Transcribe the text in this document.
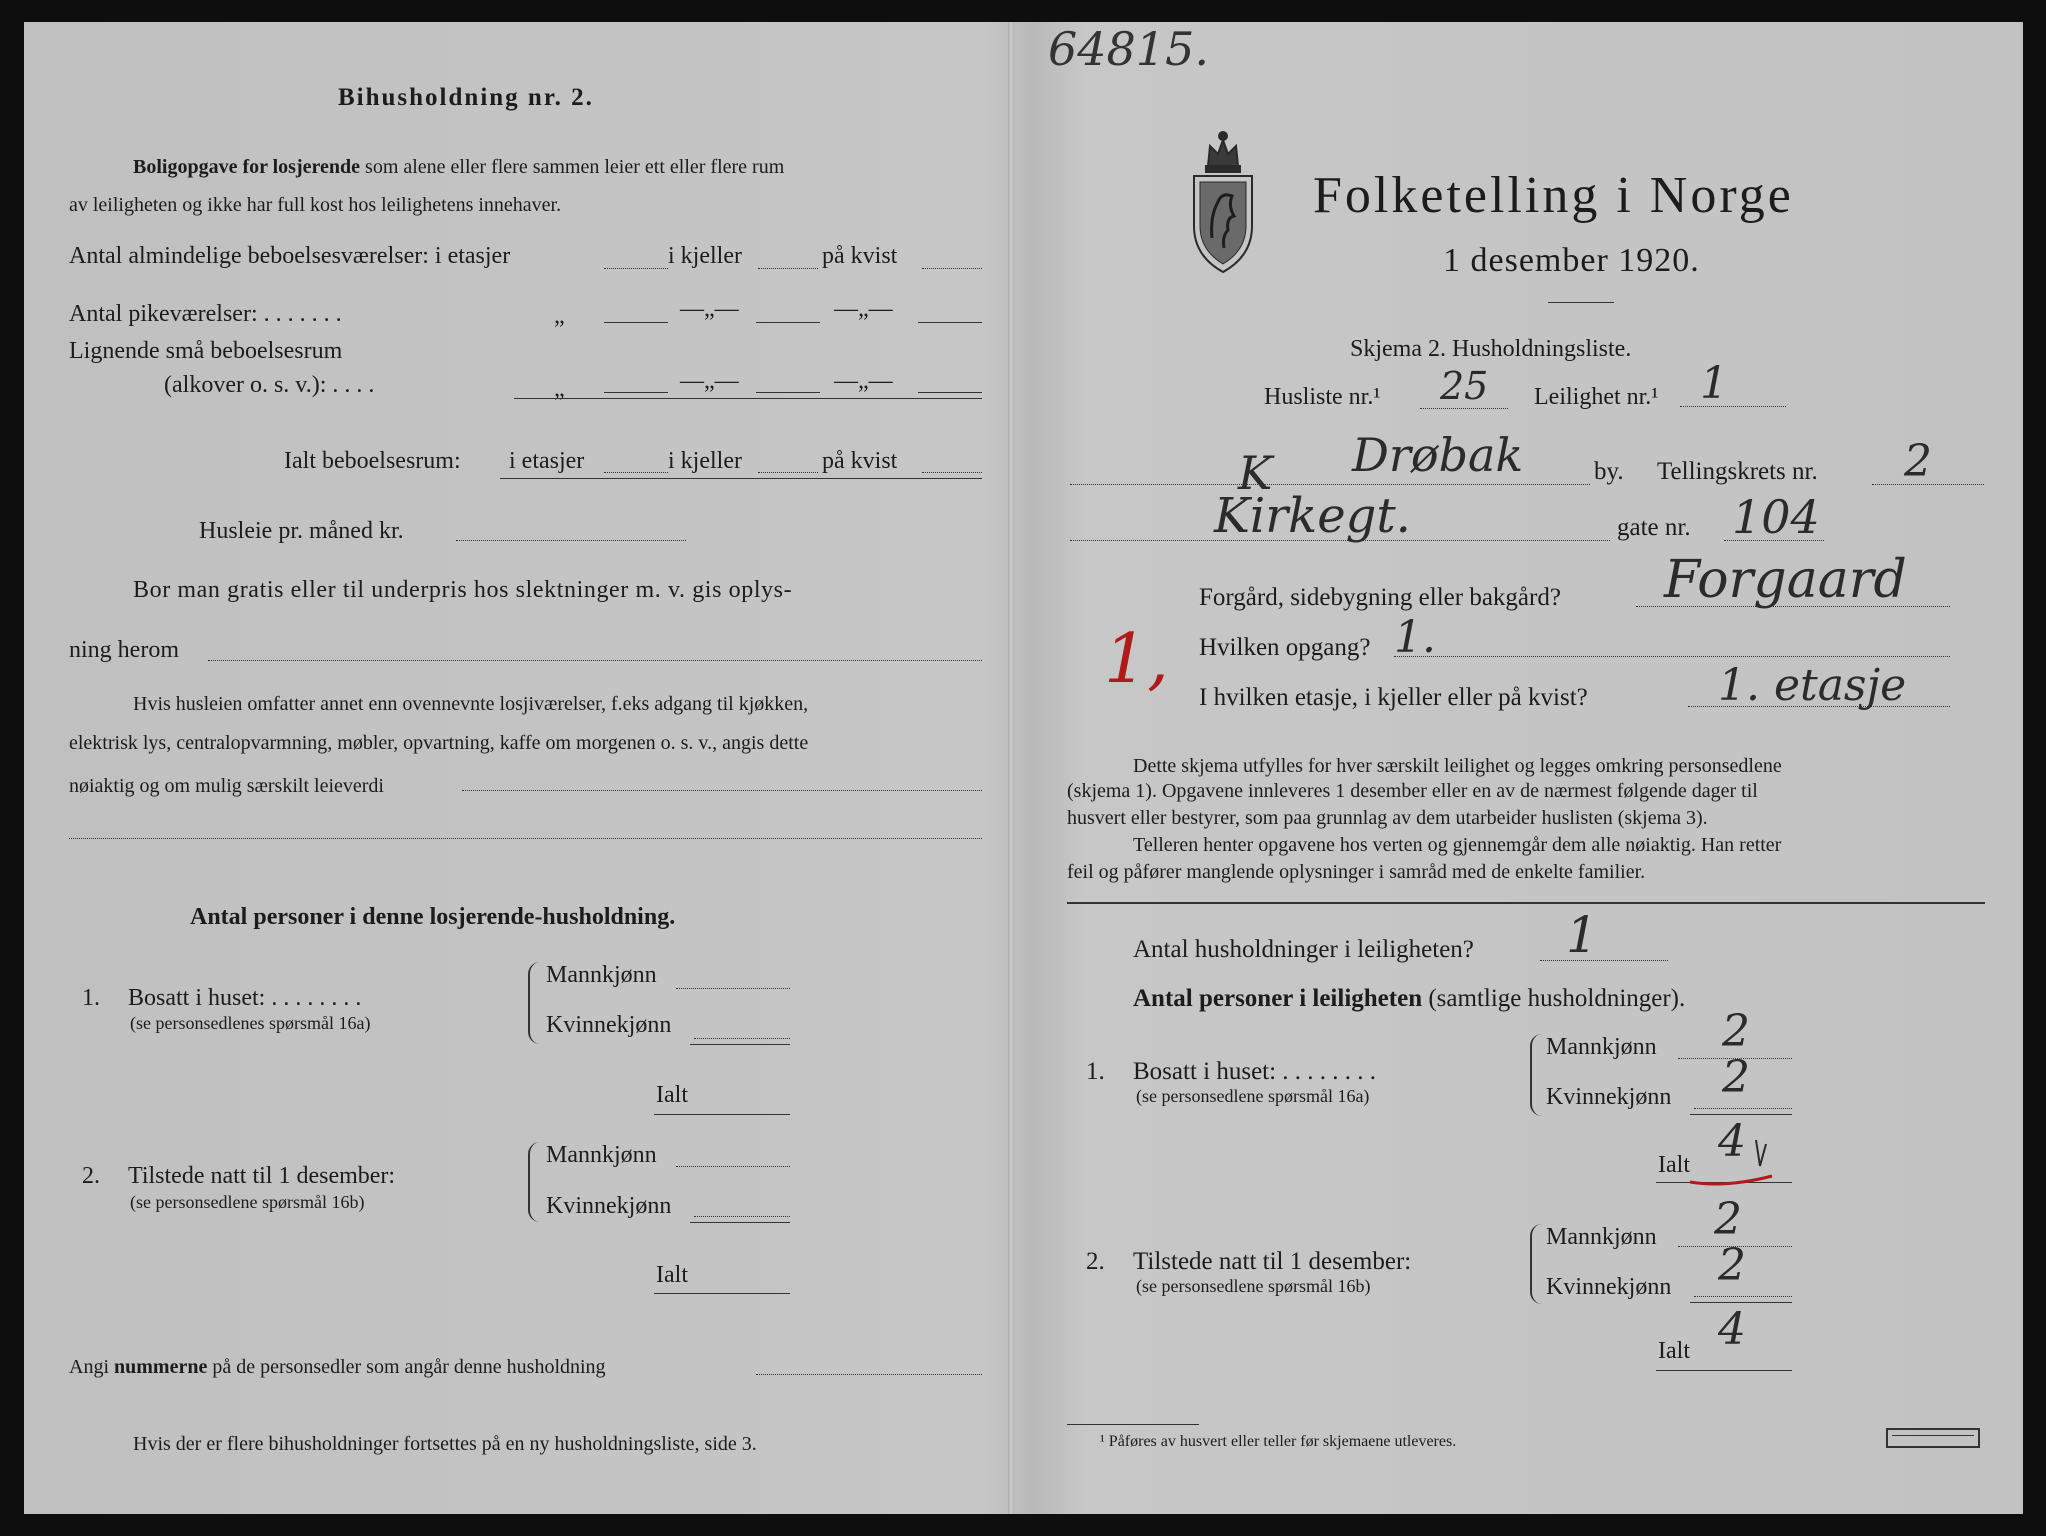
64815.
Bihusholdning nr. 2.
Boligopgave for losjerende som alene eller flere sammen leier ett eller flere rum
av leiligheten og ikke har full kost hos leilighetens innehaver.
Antal almindelige beboelsesværelser: i etasjer	i kjeller	på kvist
Antal pikeværelser: . . . . . . .	„	—„—	—„—
Lignende små beboelsesrum
(alkover o. s. v.): . . . .	„	—„—	—„—
Ialt beboelsesrum: i etasjer	i kjeller	på kvist
Husleie pr. måned kr.
Bor man gratis eller til underpris hos slektninger m. v. gis oplys-
ning herom
Hvis husleien omfatter annet enn ovennevnte losjiværelser, f.eks adgang til kjøkken,
elektrisk lys, centralopvarmning, møbler, opvartning, kaffe om morgenen o. s. v., angis dette
nøiaktig og om mulig særskilt leieverdi
Antal personer i denne losjerende-husholdning.
1. Bosatt i huset: . . . . . . . .
(se personsedlenes spørsmål 16a)
Mannkjønn
Kvinnekjønn
Ialt
2. Tilstede natt til 1 desember:
(se personsedlene spørsmål 16b)
Mannkjønn
Kvinnekjønn
Ialt
Angi nummerne på de personsedler som angår denne husholdning
Hvis der er flere bihusholdninger fortsettes på en ny husholdningsliste, side 3.
Folketelling i Norge
1 desember 1920.
Skjema 2. Husholdningsliste.
Husliste nr.¹ 25 Leilighet nr.¹ 1
K Drøbak	by. Tellingskrets nr. 2
Kirkegt.	gate nr. 104
Forgård, sidebygning eller bakgård? Forgaard
1, Hvilken opgang? 1.
I hvilken etasje, i kjeller eller på kvist?	1. etasje
Dette skjema utfylles for hver særskilt leilighet og legges omkring personsedlene
(skjema 1). Opgavene innleveres 1 desember eller en av de nærmest følgende dager til
husvert eller bestyrer, som paa grunnlag av dem utarbeider huslisten (skjema 3).
Telleren henter opgavene hos verten og gjennemgår dem alle nøiaktig. Han retter
feil og påfører manglende oplysninger i samråd med de enkelte familier.
Antal husholdninger i leiligheten? 1
Antal personer i leiligheten (samtlige husholdninger).
1. Bosatt i huset: . . . . . . . .
(se personsedlene spørsmål 16a)
Mannkjønn 2
Kvinnekjønn 2
Ialt 4
2. Tilstede natt til 1 desember:
(se personsedlene spørsmål 16b)
Mannkjønn 2
Kvinnekjønn 2
Ialt 4
¹ Påføres av husvert eller teller før skjemaene utleveres.
